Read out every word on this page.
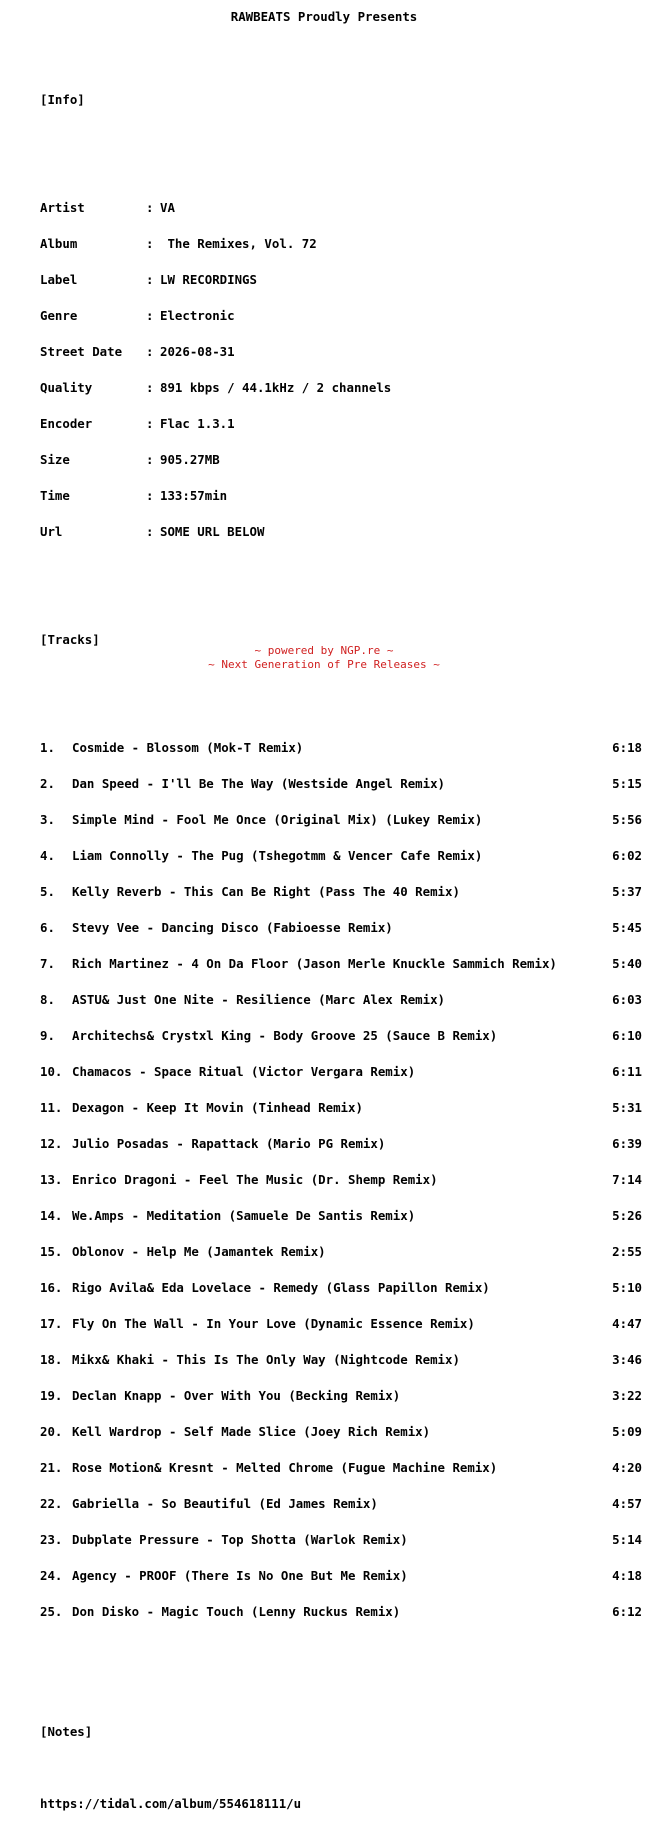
RAWBEATS Proudly Presents

[Info]

Artist	: VA

Album	: The Remixes, Vol. 72

Label	: LW RECORDINGS

Genre	: Electronic

Street Date	: 2026-08-31

Quality	: 891 kbps / 44.1kHz / 2 channels

Encoder	: Flac 1.3.1

Size	: 905.27MB

Time	: 133:57min

Url	: SOME URL BELOW

[Tracks]

1.	Cosmide - Blossom (Mok-T Remix)	6:18

2.	Dan Speed - I'll Be The Way (Westside Angel Remix)	5:15

3.	Simple Mind - Fool Me Once (Original Mix) (Lukey Remix)	5:56

4.	Liam Connolly - The Pug (Tshegotmm & Vencer Cafe Remix)	6:02

5.	Kelly Reverb - This Can Be Right (Pass The 40 Remix)	5:37

6.	Stevy Vee - Dancing Disco (Fabioesse Remix)	5:45

7.	Rich Martinez - 4 On Da Floor (Jason Merle Knuckle Sammich Remix)	5:40

8.	ASTU& Just One Nite - Resilience (Marc Alex Remix)	6:03

9.	Architechs& Crystxl King - Body Groove 25 (Sauce B Remix)	6:10

10. Chamacos - Space Ritual (Victor Vergara Remix)	6:11

11. Dexagon - Keep It Movin (Tinhead Remix)	5:31

12. Julio Posadas - Rapattack (Mario PG Remix)	6:39

13. Enrico Dragoni - Feel The Music (Dr. Shemp Remix)	7:14

14. We.Amps - Meditation (Samuele De Santis Remix)	5:26

15. Oblonov - Help Me (Jamantek Remix)	2:55

16. Rigo Avila& Eda Lovelace - Remedy (Glass Papillon Remix)	5:10

17. Fly On The Wall - In Your Love (Dynamic Essence Remix)	4:47

18. Mikx& Khaki - This Is The Only Way (Nightcode Remix)	3:46

19. Declan Knapp - Over With You (Becking Remix)	3:22

20. Kell Wardrop - Self Made Slice (Joey Rich Remix)	5:09

21. Rose Motion& Kresnt - Melted Chrome (Fugue Machine Remix)	4:20

22. Gabriella - So Beautiful (Ed James Remix)	4:57

23. Dubplate Pressure - Top Shotta (Warlok Remix)	5:14

24. Agency - PROOF (There Is No One But Me Remix)	4:18

25. Don Disko - Magic Touch (Lenny Ruckus Remix)	6:12

[Notes]

https://tidal.com/album/554618111/u

~ powered by NGP.re ~
~ Next Generation of Pre Releases ~
